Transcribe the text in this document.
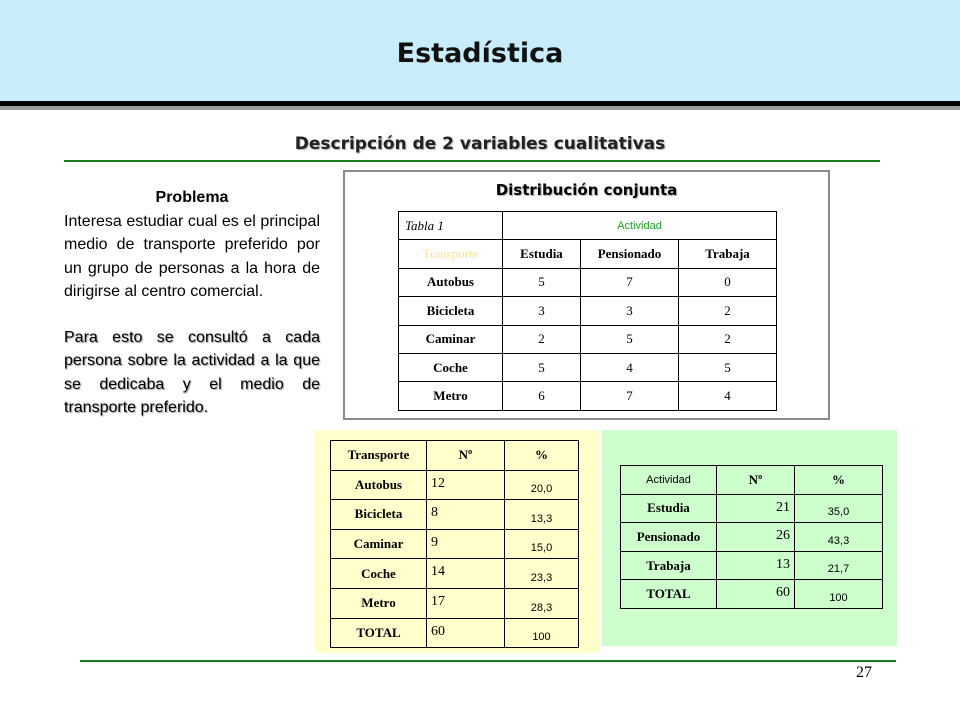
Estadística
Descripción de 2 variables cualitativas
Problema
Interesa estudiar cual es el principal medio de transporte preferido por un grupo de personas a la hora de dirigirse al centro comercial.
Para esto se consultó a cada persona sobre la actividad a la que se dedicaba y el medio de transporte preferido.
Distribución conjunta
Tabla 1	Actividad		
Transporte	Estudia	Pensionado	Trabaja
Autobus	5	7	0
Bicicleta	3	3	2
Caminar	2	5	2
Coche	5	4	5
Metro	6	7	4
Transporte	Nº	%
Autobus	12	20,0
Bicicleta	8	13,3
Caminar	9	15,0
Coche	14	23,3
Metro	17	28,3
TOTAL	60	100
Actividad	Nº	%
Estudia	21	35,0
Pensionado	26	43,3
Trabaja	13	21,7
TOTAL	60	100
27
